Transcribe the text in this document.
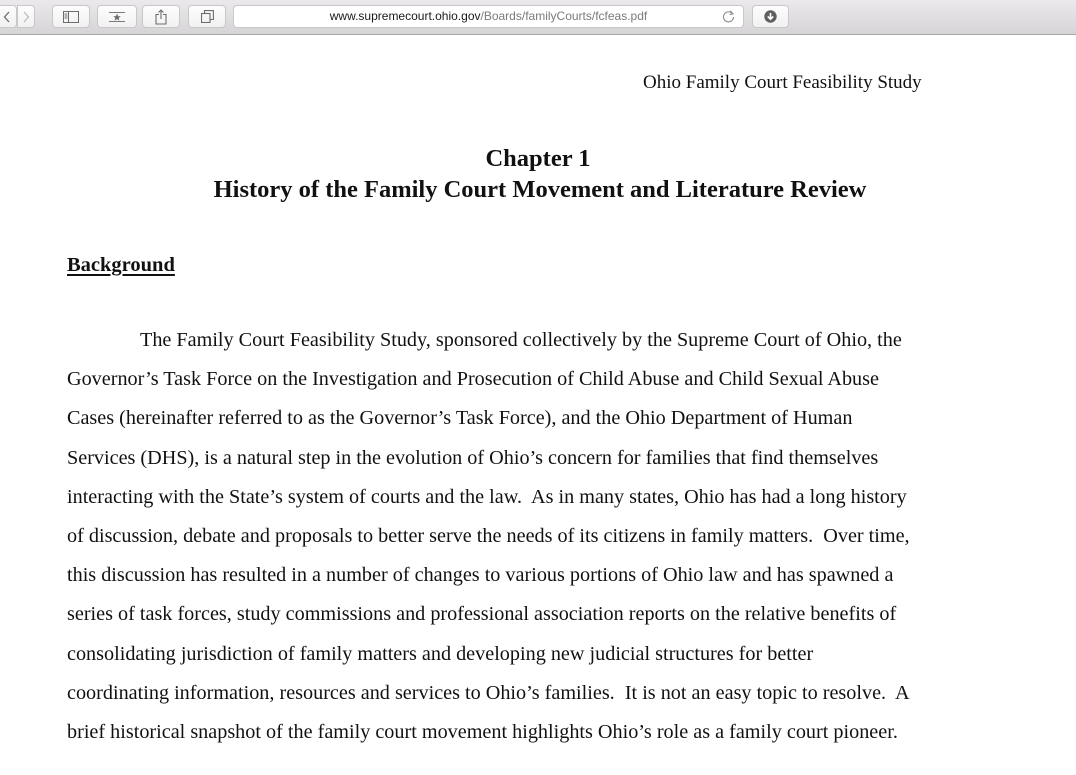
www.supremecourt.ohio.gov/Boards/familyCourts/fcfeas.pdf
Ohio Family Court Feasibility Study
Chapter 1
History of the Family Court Movement and Literature Review
Background
The Family Court Feasibility Study, sponsored collectively by the Supreme Court of Ohio, the
Governor’s Task Force on the Investigation and Prosecution of Child Abuse and Child Sexual Abuse
Cases (hereinafter referred to as the Governor’s Task Force), and the Ohio Department of Human
Services (DHS), is a natural step in the evolution of Ohio’s concern for families that find themselves
interacting with the State’s system of courts and the law.  As in many states, Ohio has had a long history
of discussion, debate and proposals to better serve the needs of its citizens in family matters.  Over time,
this discussion has resulted in a number of changes to various portions of Ohio law and has spawned a
series of task forces, study commissions and professional association reports on the relative benefits of
consolidating jurisdiction of family matters and developing new judicial structures for better
coordinating information, resources and services to Ohio’s families.  It is not an easy topic to resolve.  A
brief historical snapshot of the family court movement highlights Ohio’s role as a family court pioneer.
